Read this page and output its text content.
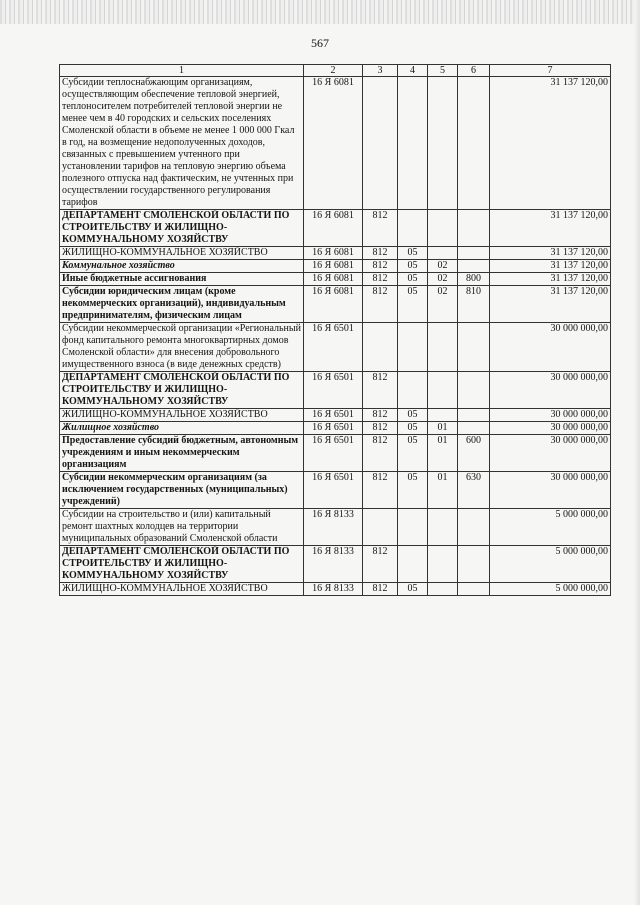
567
1	2	3	4	5	6	7
Субсидии теплоснабжающим организациям, осуществляющим обеспечение тепловой энергией, теплоносителем потребителей тепловой энергии не менее чем в 40 городских и сельских поселениях Смоленской области в объеме не менее 1 000 000 Гкал в год, на возмещение недополученных доходов, связанных с превышением учтенного при установлении тарифов на тепловую энергию объема полезного отпуска над фактическим, не учтенных при осуществлении государственного регулирования тарифов	16 Я 6081					31 137 120,00
ДЕПАРТАМЕНТ СМОЛЕНСКОЙ ОБЛАСТИ ПО СТРОИТЕЛЬСТВУ И ЖИЛИЩНО-КОММУНАЛЬНОМУ ХОЗЯЙСТВУ	16 Я 6081	812				31 137 120,00
ЖИЛИЩНО-КОММУНАЛЬНОЕ ХОЗЯЙСТВО	16 Я 6081	812	05			31 137 120,00
Коммунальное хозяйство	16 Я 6081	812	05	02		31 137 120,00
Иные бюджетные ассигнования	16 Я 6081	812	05	02	800	31 137 120,00
Субсидии юридическим лицам (кроме некоммерческих организаций), индивидуальным предпринимателям, физическим лицам	16 Я 6081	812	05	02	810	31 137 120,00
Субсидии некоммерческой организации «Региональный фонд капитального ремонта многоквартирных домов Смоленской области» для внесения добровольного имущественного взноса (в виде денежных средств)	16 Я 6501					30 000 000,00
ДЕПАРТАМЕНТ СМОЛЕНСКОЙ ОБЛАСТИ ПО СТРОИТЕЛЬСТВУ И ЖИЛИЩНО-КОММУНАЛЬНОМУ ХОЗЯЙСТВУ	16 Я 6501	812				30 000 000,00
ЖИЛИЩНО-КОММУНАЛЬНОЕ ХОЗЯЙСТВО	16 Я 6501	812	05			30 000 000,00
Жилищное хозяйство	16 Я 6501	812	05	01		30 000 000,00
Предоставление субсидий бюджетным, автономным учреждениям и иным некоммерческим организациям	16 Я 6501	812	05	01	600	30 000 000,00
Субсидии некоммерческим организациям (за исключением государственных (муниципальных) учреждений)	16 Я 6501	812	05	01	630	30 000 000,00
Субсидии на строительство и (или) капитальный ремонт шахтных колодцев на территории муниципальных образований Смоленской области	16 Я 8133					5 000 000,00
ДЕПАРТАМЕНТ СМОЛЕНСКОЙ ОБЛАСТИ ПО СТРОИТЕЛЬСТВУ И ЖИЛИЩНО-КОММУНАЛЬНОМУ ХОЗЯЙСТВУ	16 Я 8133	812				5 000 000,00
ЖИЛИЩНО-КОММУНАЛЬНОЕ ХОЗЯЙСТВО	16 Я 8133	812	05			5 000 000,00
